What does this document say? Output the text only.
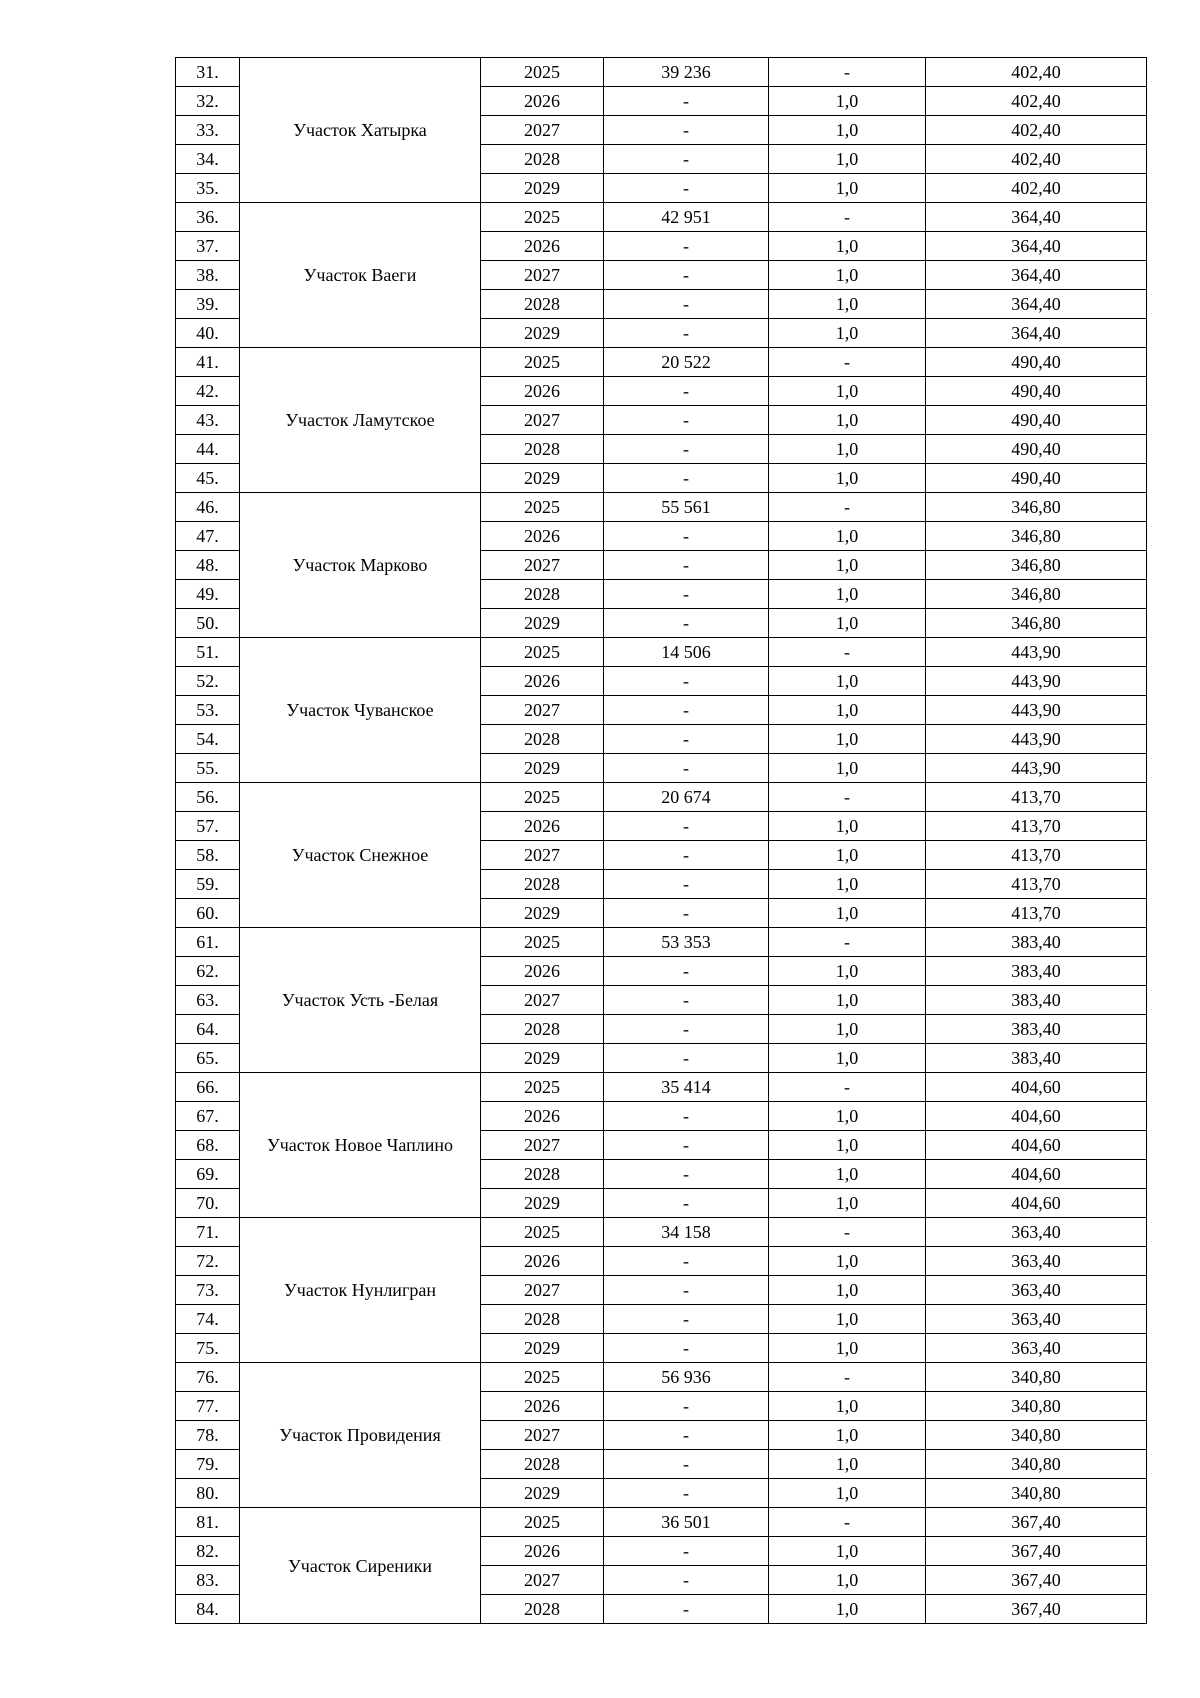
31.	Участок Хатырка	2025	39 236	-	402,40
32.		2026	-	1,0	402,40
33.		2027	-	1,0	402,40
34.		2028	-	1,0	402,40
35.		2029	-	1,0	402,40
36.	Участок Ваеги	2025	42 951	-	364,40
37.		2026	-	1,0	364,40
38.		2027	-	1,0	364,40
39.		2028	-	1,0	364,40
40.		2029	-	1,0	364,40
41.	Участок Ламутское	2025	20 522	-	490,40
42.		2026	-	1,0	490,40
43.		2027	-	1,0	490,40
44.		2028	-	1,0	490,40
45.		2029	-	1,0	490,40
46.	Участок Марково	2025	55 561	-	346,80
47.		2026	-	1,0	346,80
48.		2027	-	1,0	346,80
49.		2028	-	1,0	346,80
50.		2029	-	1,0	346,80
51.	Участок Чуванское	2025	14 506	-	443,90
52.		2026	-	1,0	443,90
53.		2027	-	1,0	443,90
54.		2028	-	1,0	443,90
55.		2029	-	1,0	443,90
56.	Участок Снежное	2025	20 674	-	413,70
57.		2026	-	1,0	413,70
58.		2027	-	1,0	413,70
59.		2028	-	1,0	413,70
60.		2029	-	1,0	413,70
61.	Участок Усть -Белая	2025	53 353	-	383,40
62.		2026	-	1,0	383,40
63.		2027	-	1,0	383,40
64.		2028	-	1,0	383,40
65.		2029	-	1,0	383,40
66.	Участок Новое Чаплино	2025	35 414	-	404,60
67.		2026	-	1,0	404,60
68.		2027	-	1,0	404,60
69.		2028	-	1,0	404,60
70.		2029	-	1,0	404,60
71.	Участок Нунлигран	2025	34 158	-	363,40
72.		2026	-	1,0	363,40
73.		2027	-	1,0	363,40
74.		2028	-	1,0	363,40
75.		2029	-	1,0	363,40
76.	Участок Провидения	2025	56 936	-	340,80
77.		2026	-	1,0	340,80
78.		2027	-	1,0	340,80
79.		2028	-	1,0	340,80
80.		2029	-	1,0	340,80
81.	Участок Сиреники	2025	36 501	-	367,40
82.		2026	-	1,0	367,40
83.		2027	-	1,0	367,40
84.		2028	-	1,0	367,40
